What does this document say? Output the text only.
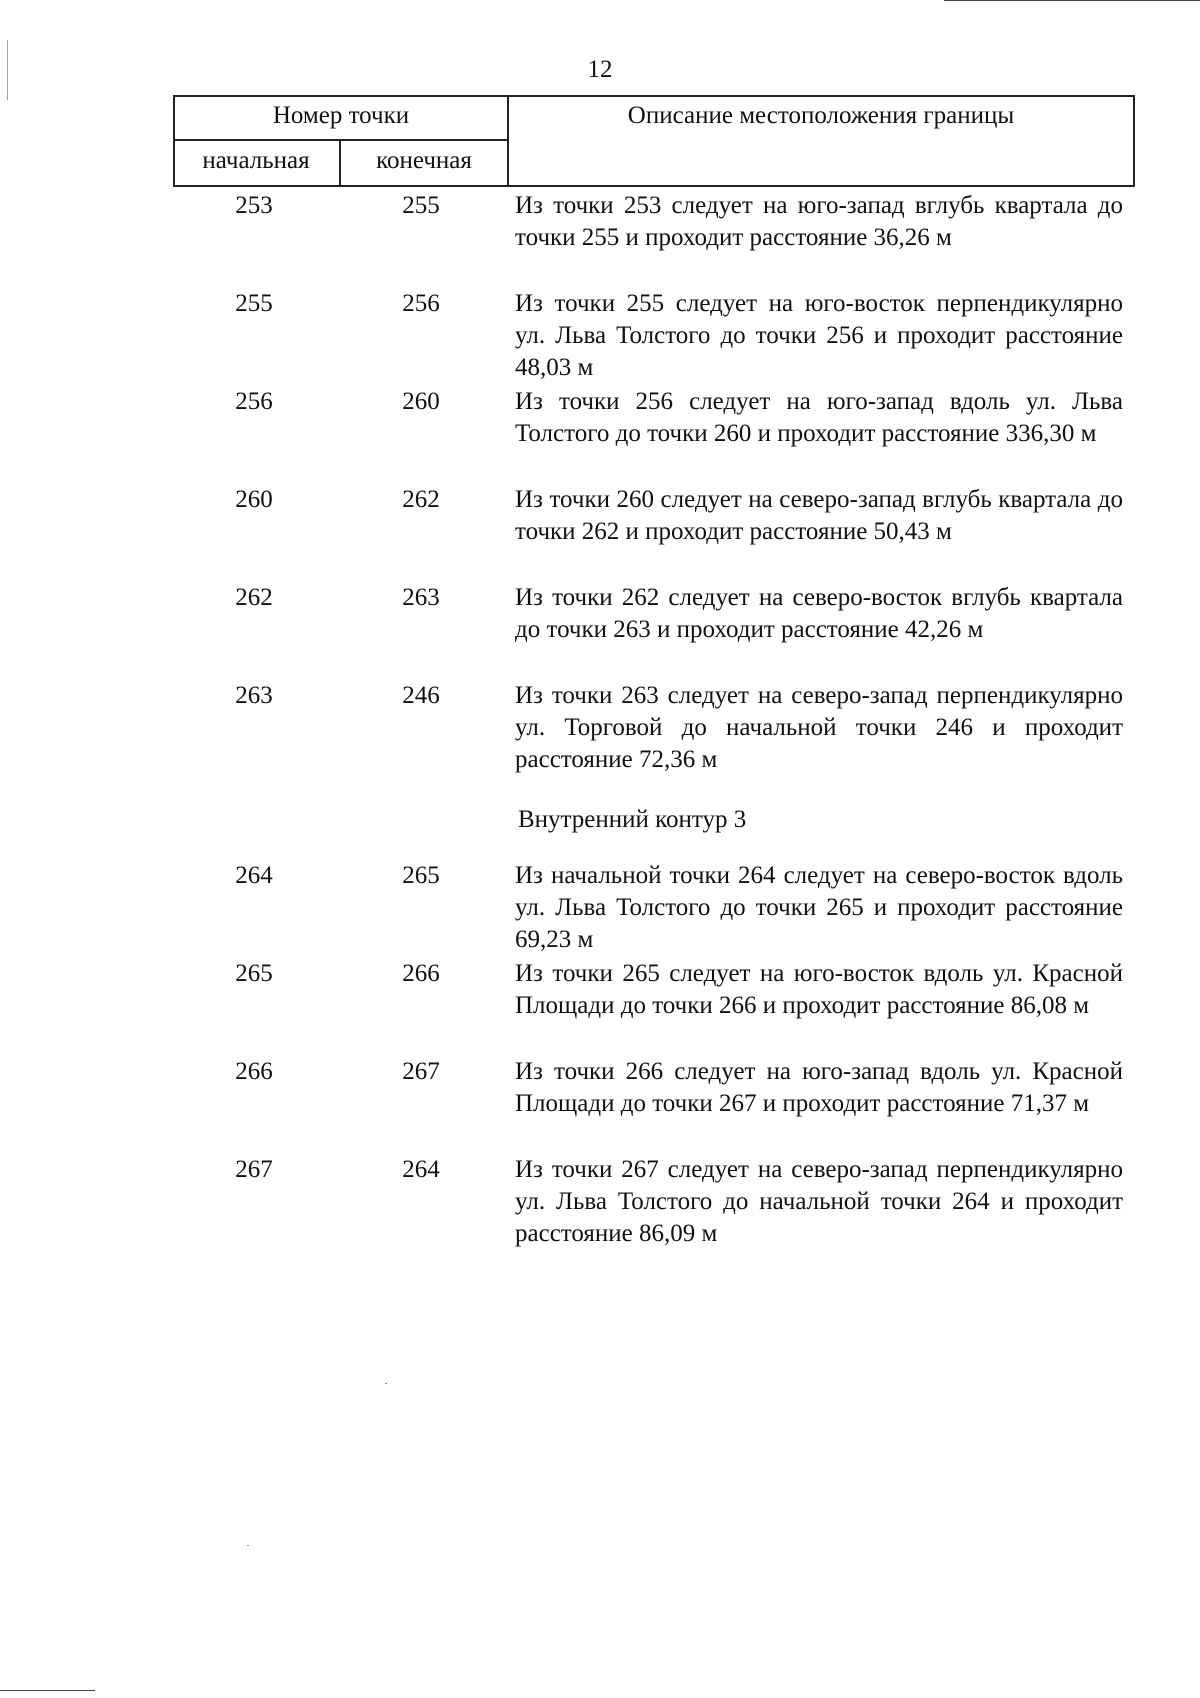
12
Номер точки
начальная	конечная
Описание местоположения границы
253	255	Из точки 253 следует на юго-запад вглубь квартала до точки 255 и проходит расстояние 36,26 м
255	256	Из точки 255 следует на юго-восток перпендикулярно ул. Льва Толстого до точки 256 и проходит расстояние 48,03 м
256	260	Из точки 256 следует на юго-запад вдоль ул. Льва Толстого до точки 260 и проходит расстояние 336,30 м
260	262	Из точки 260 следует на северо-запад вглубь квартала до точки 262 и проходит расстояние 50,43 м
262	263	Из точки 262 следует на северо-восток вглубь квартала до точки 263 и проходит расстояние 42,26 м
263	246	Из точки 263 следует на северо-запад перпендикулярно ул. Торговой до начальной точки 246 и проходит расстояние 72,36 м
Внутренний контур 3
264	265	Из начальной точки 264 следует на северо-восток вдоль ул. Льва Толстого до точки 265 и проходит расстояние 69,23 м
265	266	Из точки 265 следует на юго-восток вдоль ул. Красной Площади до точки 266 и проходит расстояние 86,08 м
266	267	Из точки 266 следует на юго-запад вдоль ул. Красной Площади до точки 267 и проходит расстояние 71,37 м
267	264	Из точки 267 следует на северо-запад перпендикулярно ул. Льва Толстого до начальной точки 264 и проходит расстояние 86,09 м
